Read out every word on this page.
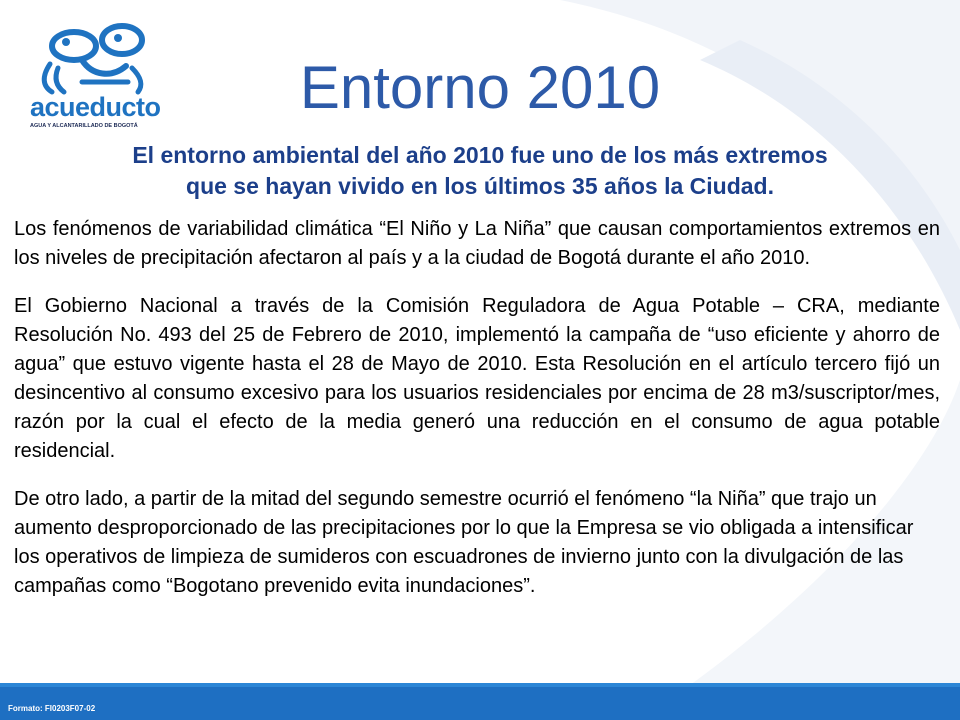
acueducto
AGUA Y ALCANTARILLADO DE BOGOTÁ
Entorno 2010
El entorno ambiental del año 2010 fue uno de los más extremos
que se hayan vivido en los últimos 35 años la Ciudad.

Los fenómenos de variabilidad climática “El Niño y La Niña” que causan comportamientos extremos en los niveles de precipitación afectaron al país y a la ciudad de Bogotá durante el año 2010.

El Gobierno Nacional a través de la Comisión Reguladora de Agua Potable – CRA, mediante Resolución No. 493 del 25 de Febrero de 2010, implementó la campaña de “uso eficiente y ahorro de agua” que estuvo vigente hasta el 28 de Mayo de 2010. Esta Resolución en el artículo tercero fijó un desincentivo al consumo excesivo para los usuarios residenciales por encima de 28 m3/suscriptor/mes, razón por la cual el efecto de la media generó una reducción en el consumo de agua potable residencial.

De otro lado, a partir de la mitad del segundo semestre ocurrió el fenómeno “la Niña” que trajo un aumento desproporcionado de las precipitaciones por lo que la Empresa se vio obligada a intensificar los operativos de limpieza de sumideros con escuadrones de invierno junto con la divulgación de las campañas como “Bogotano prevenido evita inundaciones”.

Formato: FI0203F07-02
